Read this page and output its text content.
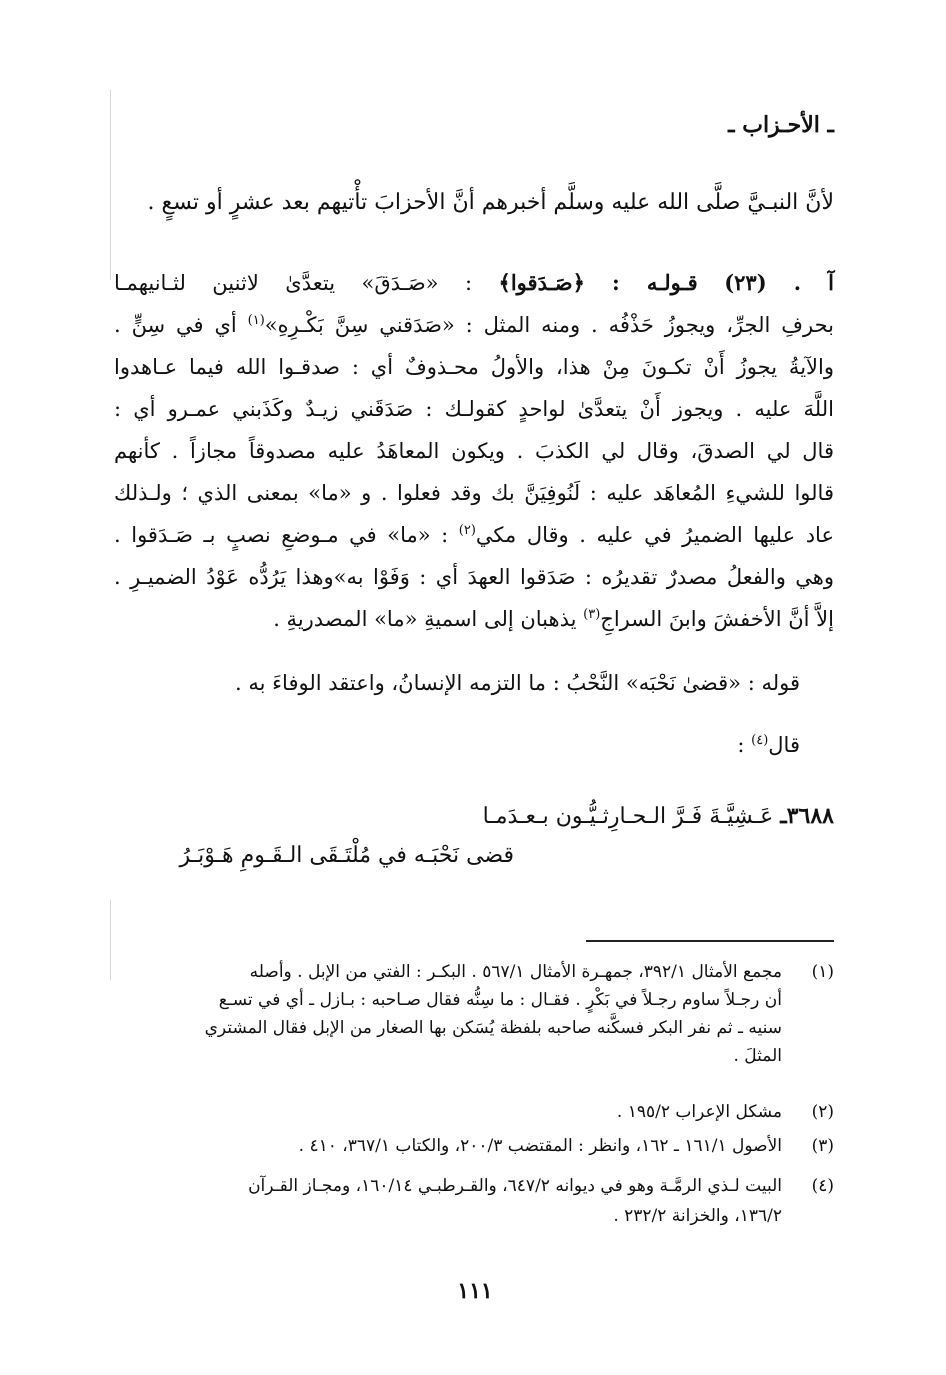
ـ الأحـزاب ـ
لأنَّ النبـيَّ صلَّى الله عليه وسلَّم أخبرهم أنَّ الأحزابَ تأْتيهم بعد عشرٍ أو تسعٍ .
آ . (٢٣) قـولـه : ﴿صَـدَقوا﴾ : «صَـدَقَ» يتعدَّىٰ لاثنين لثـانيهمـا
بحرفِ الجرِّ، ويجوزُ حَذْفُه . ومنه المثل : «صَدَقني سِنَّ بَكْـرِهِ»$^{(١)}$ أي في سِنٍّ .
والآيةُ يجوزُ أَنْ تكـونَ مِنْ هذا، والأولُ محـذوفٌ أي : صدقـوا الله فيما عـاهدوا
اللَّهَ عليه . ويجوز أَنْ يتعدَّىٰ لواحدٍ كقولـك : صَدَقَني زيـدٌ وكَذَبني عمـرو أي :
قال لي الصدقَ، وقال لي الكذبَ . ويكون المعاهَدُ عليه مصدوقاً مجازاً . كأنهم
قالوا للشيءِ المُعاهَد عليه : لَنُوفِيَنَّ بك وقد فعلوا . و «ما» بمعنى الذي ؛ ولـذلك
عاد عليها الضميرُ في عليه . وقال مكي$^{(٢)}$ : «ما» في مـوضعِ نصبٍ بـ صَـدَقوا .
وهي والفعلُ مصدرٌ تقديرُه : صَدَقوا العهدَ أي : وَفَوْا به»وهذا يَرُدُّه عَوْدُ الضميـرِ .
إلاَّ أنَّ الأخفشَ وابنَ السراجِ$^{(٣)}$ يذهبان إلى اسميةِ «ما» المصدريةِ .
قوله : «قضىٰ نَحْبَه» النَّحْبُ : ما التزمه الإنسانُ، واعتقد الوفاءَ به .
قال$^{(٤)}$ :
٣٦٨٨ـ عَـشِيَّـةَ فَـرَّ الـحـارِثـيُّـون بـعـدَمـا
قضى نَحْبَـه في مُلْتَـقَى الـقَـومِ هَـوْبَـرُ
(١)
مجمع الأمثال ٣٩٢/١، جمهـرة الأمثال ٥٦٧/١ . البكـر : الفتي من الإبل . وأصله
أن رجـلاً ساوم رجـلاً في بَكْرٍ . فقـال : ما سِنُّه فقال صـاحبه : بـازل ـ أي في تسـع
سنيه ـ ثم نفر البكر فسكَّنه صاحبه بلفظة يُسَكن بها الصغار من الإبل فقال المشتري
المثلَ .
(٢)
مشكل الإعراب ١٩٥/٢ .
(٣)
الأصول ١٦١/١ ـ ١٦٢، وانظر : المقتضب ٢٠٠/٣، والكتاب ٣٦٧/١، ٤١٠ .
(٤)
البيت لـذي الرمَّـة وهو في ديوانه ٦٤٧/٢، والقـرطبـي ١٦٠/١٤، ومجـاز القـرآن
١٣٦/٢، والخزانة ٢٣٢/٢ .
١١١
